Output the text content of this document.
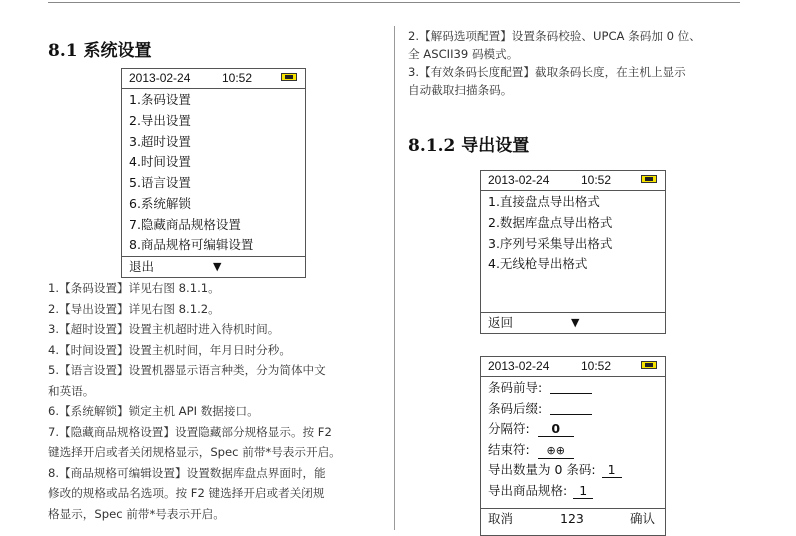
8.1 系统设置
2013-02-24	10:52
1.条码设置
2.导出设置
3.超时设置
4.时间设置
5.语言设置
6.系统解锁
7.隐藏商品规格设置
8.商品规格可编辑设置
退出	▼
1.【条码设置】详见右图 8.1.1。
2.【导出设置】详见右图 8.1.2。
3.【超时设置】设置主机超时进入待机时间。
4.【时间设置】设置主机时间，年月日时分秒。
5.【语言设置】设置机器显示语言种类，分为简体中文
和英语。
6.【系统解锁】锁定主机 API 数据接口。
7.【隐藏商品规格设置】设置隐藏部分规格显示。按 F2
键选择开启或者关闭规格显示，Spec 前带*号表示开启。
8.【商品规格可编辑设置】设置数据库盘点界面时，能
修改的规格或品名选项。按 F2 键选择开启或者关闭规
格显示，Spec 前带*号表示开启。
2.【解码选项配置】设置条码校验、UPCA 条码加 0 位、
全 ASCII39 码模式。
3.【有效条码长度配置】截取条码长度，在主机上显示
自动截取扫描条码。
8.1.2 导出设置
2013-02-24	10:52
1.直接盘点导出格式
2.数据库盘点导出格式
3.序列号采集导出格式
4.无线枪导出格式
返回	▼
2013-02-24	10:52
条码前导:
条码后缀:
分隔符: 0
结束符: ⊕⊕
导出数量为 0 条码: 1
导出商品规格: 1
取消	123	确认
